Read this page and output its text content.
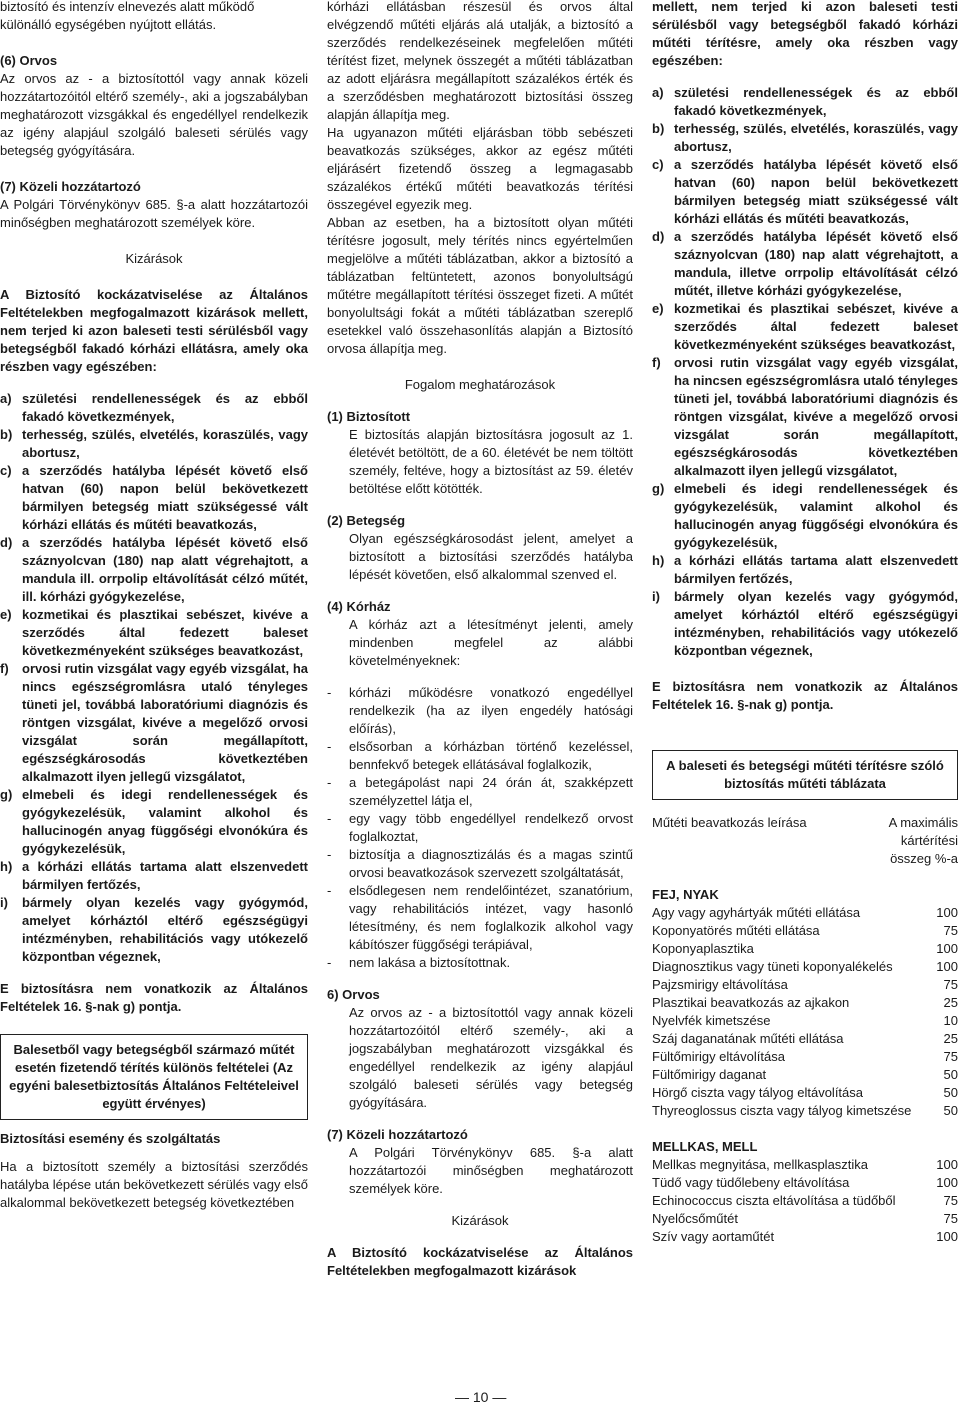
biztosító és intenzív elnevezés alatt működő
különálló egységében nyújtott ellátás.

(6) Orvos

Az orvos az - a biztosítottól vagy annak közeli hozzátartozóitól eltérő személy-, aki a jogszabályban meghatározott vizsgákkal és engedéllyel rendelkezik az igény alapjául szolgáló baleseti sérülés vagy betegség gyógyítására.

(7) Közeli hozzátartozó

A Polgári Törvénykönyv 685. §-a alatt hozzátartozói minőségben meghatározott személyek köre.

Kizárások

A Biztosító kockázatviselése az Általános Feltételekben megfogalmazott kizárások mellett, nem terjed ki azon baleseti testi sérülésből vagy betegségből fakadó kórházi ellátásra, amely oka részben vagy egészében:

a) születési rendellenességek és az ebből fakadó következmények,
b) terhesség, szülés, elvetélés, koraszülés, vagy abortusz,
c) a szerződés hatályba lépését követő első hatvan (60) napon belül bekövetkezett bármilyen betegség miatt szükségessé vált kórházi ellátás és műtéti beavatkozás,
d) a szerződés hatályba lépését követő első száznyolcvan (180) nap alatt végrehajtott, a mandula ill. orrpolip eltávolítását célzó műtét, ill. kórházi gyógykezelése,
e) kozmetikai és plasztikai sebészet, kivéve a szerződés által fedezett baleset következményeként szükséges beavatkozást,
f) orvosi rutin vizsgálat vagy egyéb vizsgálat, ha nincs egészségromlásra utaló tényleges tüneti jel, továbbá laboratóriumi diagnózis és röntgen vizsgálat, kivéve a megelőző orvosi vizsgálat során megállapított, egészségkárosodás következtében alkalmazott ilyen jellegű vizsgálatot,
g) elmebeli és idegi rendellenességek és gyógykezelésük, valamint alkohol és hallucinogén anyag függőségi elvonókúra és gyógykezelésük,
h) a kórházi ellátás tartama alatt elszenvedett bármilyen fertőzés,
i) bármely olyan kezelés vagy gyógymód, amelyet kórháztól eltérő egészségügyi intézményben, rehabilitációs vagy utókezelő központban végeznek,

E biztosításra nem vonatkozik az Általános Feltételek 16. §-nak g) pontja.

Balesetből vagy betegségből származó műtét esetén fizetendő térítés különös feltételei (Az egyéni balesetbiztosítás Általános Feltételeivel együtt érvényes)

Biztosítási esemény és szolgáltatás

Ha a biztosított személy a biztosítási szerződés hatályba lépése után bekövetkezett sérülés vagy első alkalommal bekövetkezett betegség következtében

kórházi ellátásban részesül és orvos által elvégzendő műtéti eljárás alá utalják, a biztosító a szerződés rendelkezéseinek megfelelően műtéti térítést fizet, melynek összegét a műtéti táblázatban az adott eljárásra megállapított százalékos érték és a szerződésben meghatározott biztosítási összeg alapján állapítja meg.

Ha ugyanazon műtéti eljárásban több sebészeti beavatkozás szükséges, akkor az egész műtéti eljárásért fizetendő összeg a legmagasabb százalékos értékű műtéti beavatkozás térítési összegével egyezik meg.

Abban az esetben, ha a biztosított olyan műtéti térítésre jogosult, mely térítés nincs egyértelműen megjelölve a műtéti táblázatban, akkor a biztosító a táblázatban feltüntetett, azonos bonyolultságú műtétre megállapított térítési összeget fizeti. A műtét bonyolultsági fokát a műtéti táblázatban szereplő esetekkel való összehasonlítás alapján a Biztosító orvosa állapítja meg.

Fogalom meghatározások

(1) Biztosított

E biztosítás alapján biztosításra jogosult az 1. életévét betöltött, de a 60. életévét be nem töltött személy, feltéve, hogy a biztosítást az 59. életév betöltése előtt kötötték.

(2) Betegség

Olyan egészségkárosodást jelent, amelyet a biztosított a biztosítási szerződés hatályba lépését követően, első alkalommal szenved el.

(4) Kórház

A kórház azt a létesítményt jelenti, amely mindenben megfelel az alábbi követelményeknek:

- kórházi működésre vonatkozó engedéllyel rendelkezik (ha az ilyen engedély hatósági előírás),
- elsősorban a kórházban történő kezeléssel, bennfekvő betegek ellátásával foglalkozik,
- a betegápolást napi 24 órán át, szakképzett személyzettel látja el,
- egy vagy több engedéllyel rendelkező orvost foglalkoztat,
- biztosítja a diagnosztizálás és a magas szintű orvosi beavatkozások szervezett szolgáltatását,
- elsődlegesen nem rendelőintézet, szanatórium, vagy rehabilitációs intézet, vagy hasonló létesítmény, és nem foglalkozik alkohol vagy kábítószer függőségi terápiával,
- nem lakása a biztosítottnak.

6) Orvos

Az orvos az - a biztosítottól vagy annak közeli hozzátartozóitól eltérő személy-, aki a jogszabályban meghatározott vizsgákkal és engedéllyel rendelkezik az igény alapjául szolgáló baleseti sérülés vagy betegség gyógyítására.

(7) Közeli hozzátartozó

A Polgári Törvénykönyv 685. §-a alatt hozzátartozói minőségben meghatározott személyek köre.

Kizárások

A Biztosító kockázatviselése az Általános Feltételekben megfogalmazott kizárások

mellett, nem terjed ki azon baleseti testi sérülésből vagy betegségből fakadó kórházi műtéti térítésre, amely oka részben vagy egészében:

a) születési rendellenességek és az ebből fakadó következmények,
b) terhesség, szülés, elvetélés, koraszülés, vagy abortusz,
c) a szerződés hatályba lépését követő első hatvan (60) napon belül bekövetkezett bármilyen betegség miatt szükségessé vált kórházi ellátás és műtéti beavatkozás,
d) a szerződés hatályba lépését követő első száznyolcvan (180) nap alatt végrehajtott, a mandula, illetve orrpolip eltávolítását célzó műtét, illetve kórházi gyógykezelése,
e) kozmetikai és plasztikai sebészet, kivéve a szerződés által fedezett baleset következményeként szükséges beavatkozást,
f) orvosi rutin vizsgálat vagy egyéb vizsgálat, ha nincsen egészségromlásra utaló tényleges tüneti jel, továbbá laboratóriumi diagnózis és röntgen vizsgálat, kivéve a megelőző orvosi vizsgálat során megállapított, egészségkárosodás következtében alkalmazott ilyen jellegű vizsgálatot,
g) elmebeli és idegi rendellenességek és gyógykezelésük, valamint alkohol és hallucinogén anyag függőségi elvonókúra és gyógykezelésük,
h) a kórházi ellátás tartama alatt elszenvedett bármilyen fertőzés,
i) bármely olyan kezelés vagy gyógymód, amelyet kórháztól eltérő egészségügyi intézményben, rehabilitációs vagy utókezelő központban végeznek,

E biztosításra nem vonatkozik az Általános Feltételek 16. §-nak g) pontja.

A baleseti és betegségi műtéti térítésre szóló biztosítás műtéti táblázata
Műtéti beavatkozás leírása	A maximális kártérítési összeg %-a
FEJ, NYAK	
Agy vagy agyhártyák műtéti ellátása	100
Koponyatörés műtéti ellátása	75
Koponyaplasztika	100
Diagnosztikus vagy tüneti koponyalékelés	100
Pajzsmirigy eltávolítása	75
Plasztikai beavatkozás az ajkakon	25
Nyelvfék kimetszése	10
Száj daganatának műtéti ellátása	25
Fültőmirigy eltávolítása	75
Fültőmirigy daganat	50
Hörgő ciszta vagy tályog eltávolítása	50
Thyreoglossus ciszta vagy tályog kimetszése	50

MELLKAS, MELL	
Mellkas megnyitása, mellkasplasztika	100
Tüdő vagy tüdőlebeny eltávolítása	100
Echinococcus ciszta eltávolítása a tüdőből	75
Nyelőcsőműtét	75
Szív vagy aortaműtét	100
— 10 —
